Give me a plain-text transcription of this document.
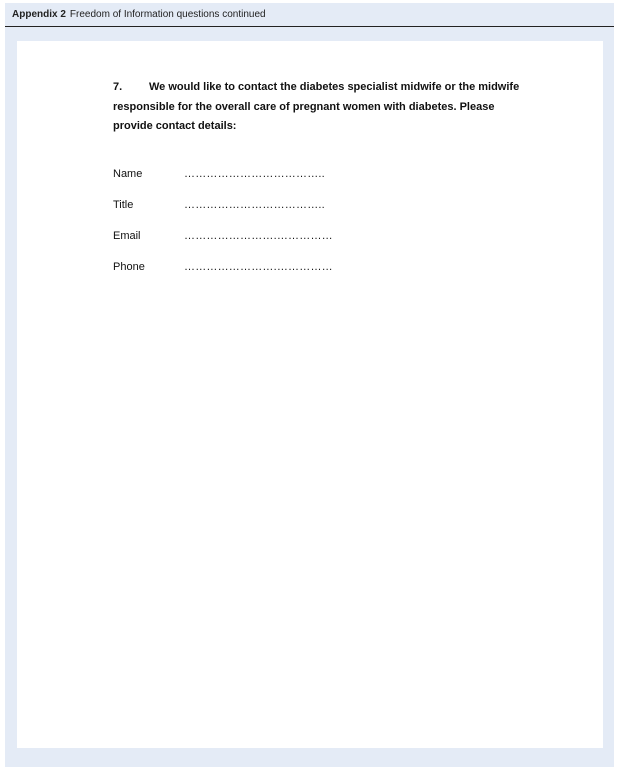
Appendix 2 Freedom of Information questions continued
7. We would like to contact the diabetes specialist midwife or the midwife responsible for the overall care of pregnant women with diabetes. Please provide contact details:
Name	………………………………..
Title	………………………………..
Email	…………………….……………
Phone	…………………….……………
